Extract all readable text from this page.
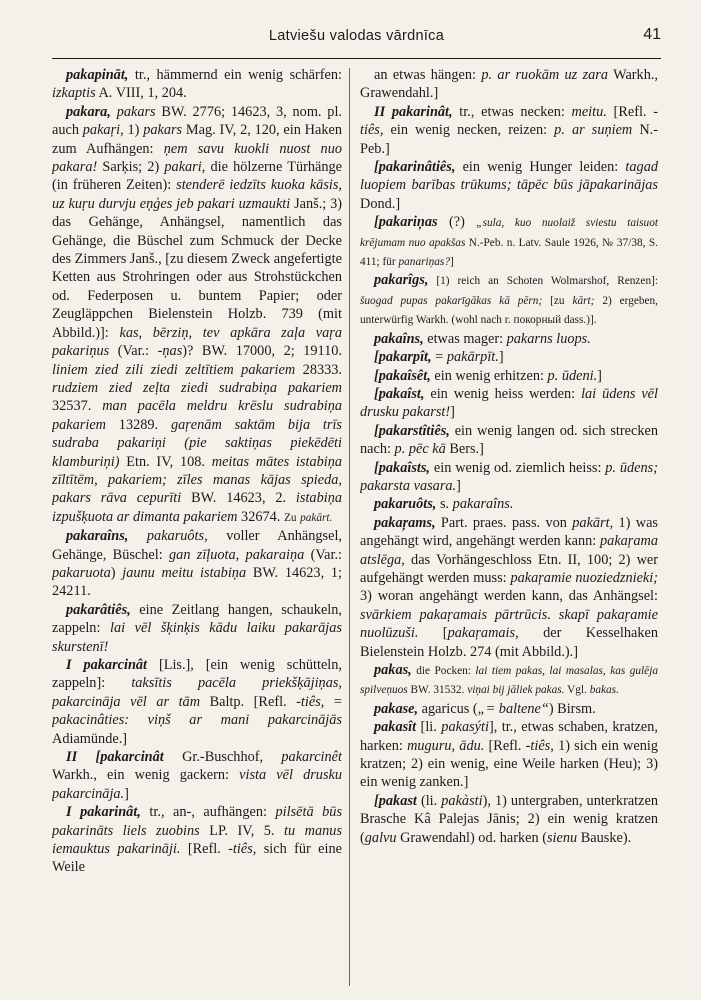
Latviešu valodas vārdnīca	41

pakapināt, tr., hämmernd ein wenig schärfen: izkaptis A. VIII, 1, 204.

pakara, pakars BW. 2776; 14623, 3, nom. pl. auch pakaŗi, 1) pakars Mag. IV, 2, 120, ein Haken zum Aufhängen: ņem savu kuokli nuost nuo pakara! Sarķis; 2) pakari, die hölzerne Türhänge (in früheren Zeiten): stenderē iedzīts kuoka kāsis, uz kuŗu durvju eņģes jeb pakari uzmaukti Janš.; 3) das Gehänge, Anhängsel, namentlich das Gehänge, die Büschel zum Schmuck der Decke des Zimmers Janš., [zu diesem Zweck angefertigte Ketten aus Strohringen oder aus Strohstückchen od. Federposen u. buntem Papier; oder Zeugläppchen Bielenstein Holzb. 739 (mit Abbild.)]: kas, bērziņ, tev apkāra zaļa vaŗa pakariņus (Var.: -ņas)? BW. 17000, 2; 19110. liniem zied zili ziedi zeltītiem pakariem 28333. rudziem zied zeļta ziedi sudrabiņa pakariem 32537. man pacēla meldru krēslu sudrabiņa pakariem 13289. gaŗenām saktām bija trīs sudraba pakariņi (pie saktiņas piekēdēti klamburiņi) Etn. IV, 108. meitas mātes istabiņa zīltītēm, pakariem; zīles manas kājas spieda, pakars rāva cepurīti BW. 14623, 2. istabiņa izpušķuota ar dimanta pakariem 32674. Zu pakārt.

pakaraîns, pakaruôts, voller Anhängsel, Gehänge, Büschel: gan zīļuota, pakaraiņa (Var.: pakaruota) jaunu meitu istabiņa BW. 14623, 1; 24211.

pakarâtiês, eine Zeitlang hangen, schaukeln, zappeln: lai vēl šķinķis kādu laiku pakarājas skurstenī!

I pakarcinât [Lis.], [ein wenig schütteln, zappeln]: taksītis pacēla priekšķājiņas, pakarcināja vēl ar tām Baltp. [Refl. -tiês, = pakacinâties: viņš ar mani pakarcinājās Adiamünde.]

II [pakarcinât Gr.-Buschhof, pakarcinêt Warkh., ein wenig gackern: vista vēl drusku pakarcināja.]

I pakarinât, tr., an-, aufhängen: pilsētā būs pakarināts liels zuobins LP. IV, 5. tu manus iemauktus pakarināji. [Refl. -tiês, sich für eine Weile

an etwas hängen: p. ar ruokām uz zara Warkh., Grawendahl.]

II pakarinât, tr., etwas necken: meitu. [Refl. -tiês, ein wenig necken, reizen: p. ar suņiem N.-Peb.]

[pakarinâtiês, ein wenig Hunger leiden: tagad luopiem barības trūkums; tāpēc būs jāpakarinājas Dond.]

[pakariņas (?) „sula, kuo nuolaiž sviestu taisuot krējumam nuo apakšas N.-Peb. n. Latv. Saule 1926, № 37/38, S. 411; für panariņas?]

pakarîgs, [1) reich an Schoten Wolmarshof, Renzen]: šuogad pupas pakarīgākas kā pērn; [zu kārt; 2) ergeben, unterwürfig Warkh. (wohl nach r. покорный dass.)].

pakaîns, etwas mager: pakarns luops.

[pakarpît, = pakārpīt.]

[pakaîsêt, ein wenig erhitzen: p. ūdeni.]

[pakaîst, ein wenig heiss werden: lai ūdens vēl drusku pakarst!]

[pakarstîtiês, ein wenig langen od. sich strecken nach: p. pēc kā Bers.]

[pakaîsts, ein wenig od. ziemlich heiss: p. ūdens; pakarsta vasara.]

pakaruôts, s. pakaraîns.

pakaŗams, Part. praes. pass. von pakārt, 1) was angehängt wird, angehängt werden kann: pakaŗama atslēga, das Vorhängeschloss Etn. II, 100; 2) wer aufgehängt werden muss: pakaŗamie nuoziedznieki; 3) woran angehängt werden kann, das Anhängsel: svārkiem pakaŗamais pārtrūcis. skapī pakaŗamie nuolūzuši. [pakaŗamais, der Kesselhaken Bielenstein Holzb. 274 (mit Abbild.).]

pakas, die Pocken: lai tiem pakas, lai masalas, kas gulēja spilveņuos BW. 31532. viņai bij jāliek pakas. Vgl. bakas.

pakase, agaricus („= baltene“) Birsm.

pakasît [li. pakasýti], tr., etwas schaben, kratzen, harken: muguru, ādu. [Refl. -tiês, 1) sich ein wenig kratzen; 2) ein wenig, eine Weile harken (Heu); 3) ein wenig zanken.]

[pakast (li. pakàsti), 1) untergraben, unterkratzen Brasche Kâ Palejas Jānis; 2) ein wenig kratzen (galvu Grawendahl) od. harken (sienu Bauske).
